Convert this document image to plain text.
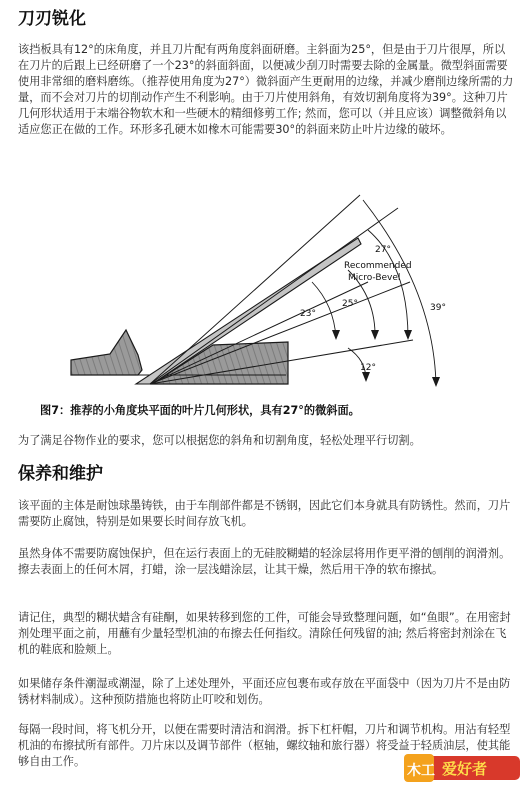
刀刃锐化

该挡板具有12°的床角度，并且刀片配有两角度斜面研磨。主斜面为25°，但是由于刀片很厚，所以在刀片的后跟上已经研磨了一个23°的斜面斜面，以便减少刮刀时需要去除的金属量。微型斜面需要使用非常细的磨料磨练。（推荐使用角度为27°）微斜面产生更耐用的边缘，并减少磨削边缘所需的力量，而不会对刀片的切削动作产生不利影响。由于刀片使用斜角，有效切割角度将为39°。这种刀片几何形状适用于末端谷物软木和一些硬木的精细修剪工作; 然而，您可以（并且应该）调整微斜角以适应您正在做的工作。环形多孔硬木如橡木可能需要30°的斜面来防止叶片边缘的破坏。

27°
Recommended
Micro-Bevel
25°
23°
39°
12°

图7：推荐的小角度块平面的叶片几何形状，具有27°的微斜面。

为了满足谷物作业的要求，您可以根据您的斜角和切割角度，轻松处理平行切割。

保养和维护

该平面的主体是耐蚀球墨铸铁，由于车削部件都是不锈钢，因此它们本身就具有防锈性。然而，刀片需要防止腐蚀，特别是如果要长时间存放飞机。

虽然身体不需要防腐蚀保护，但在运行表面上的无硅胶糊蜡的轻涂层将用作更平滑的刨削的润滑剂。擦去表面上的任何木屑，打蜡，涂一层浅蜡涂层，让其干燥，然后用干净的软布擦拭。

请记住，典型的糊状蜡含有硅酮，如果转移到您的工件，可能会导致整理问题，如“鱼眼”。在用密封剂处理平面之前，用蘸有少量轻型机油的布擦去任何指纹。清除任何残留的油; 然后将密封剂涂在飞机的鞋底和脸颊上。

如果储存条件潮湿或潮湿，除了上述处理外，平面还应包裹布或存放在平面袋中（因为刀片不是由防锈材料制成）。这种预防措施也将防止叮咬和划伤。

每隔一段时间，将飞机分开，以便在需要时清洁和润滑。拆下杠杆帽，刀片和调节机构。用沾有轻型机油的布擦拭所有部件。刀片床以及调节部件（枢轴，螺纹轴和旅行器）将受益于轻质油层，使其能够自由工作。

木工 爱好者
